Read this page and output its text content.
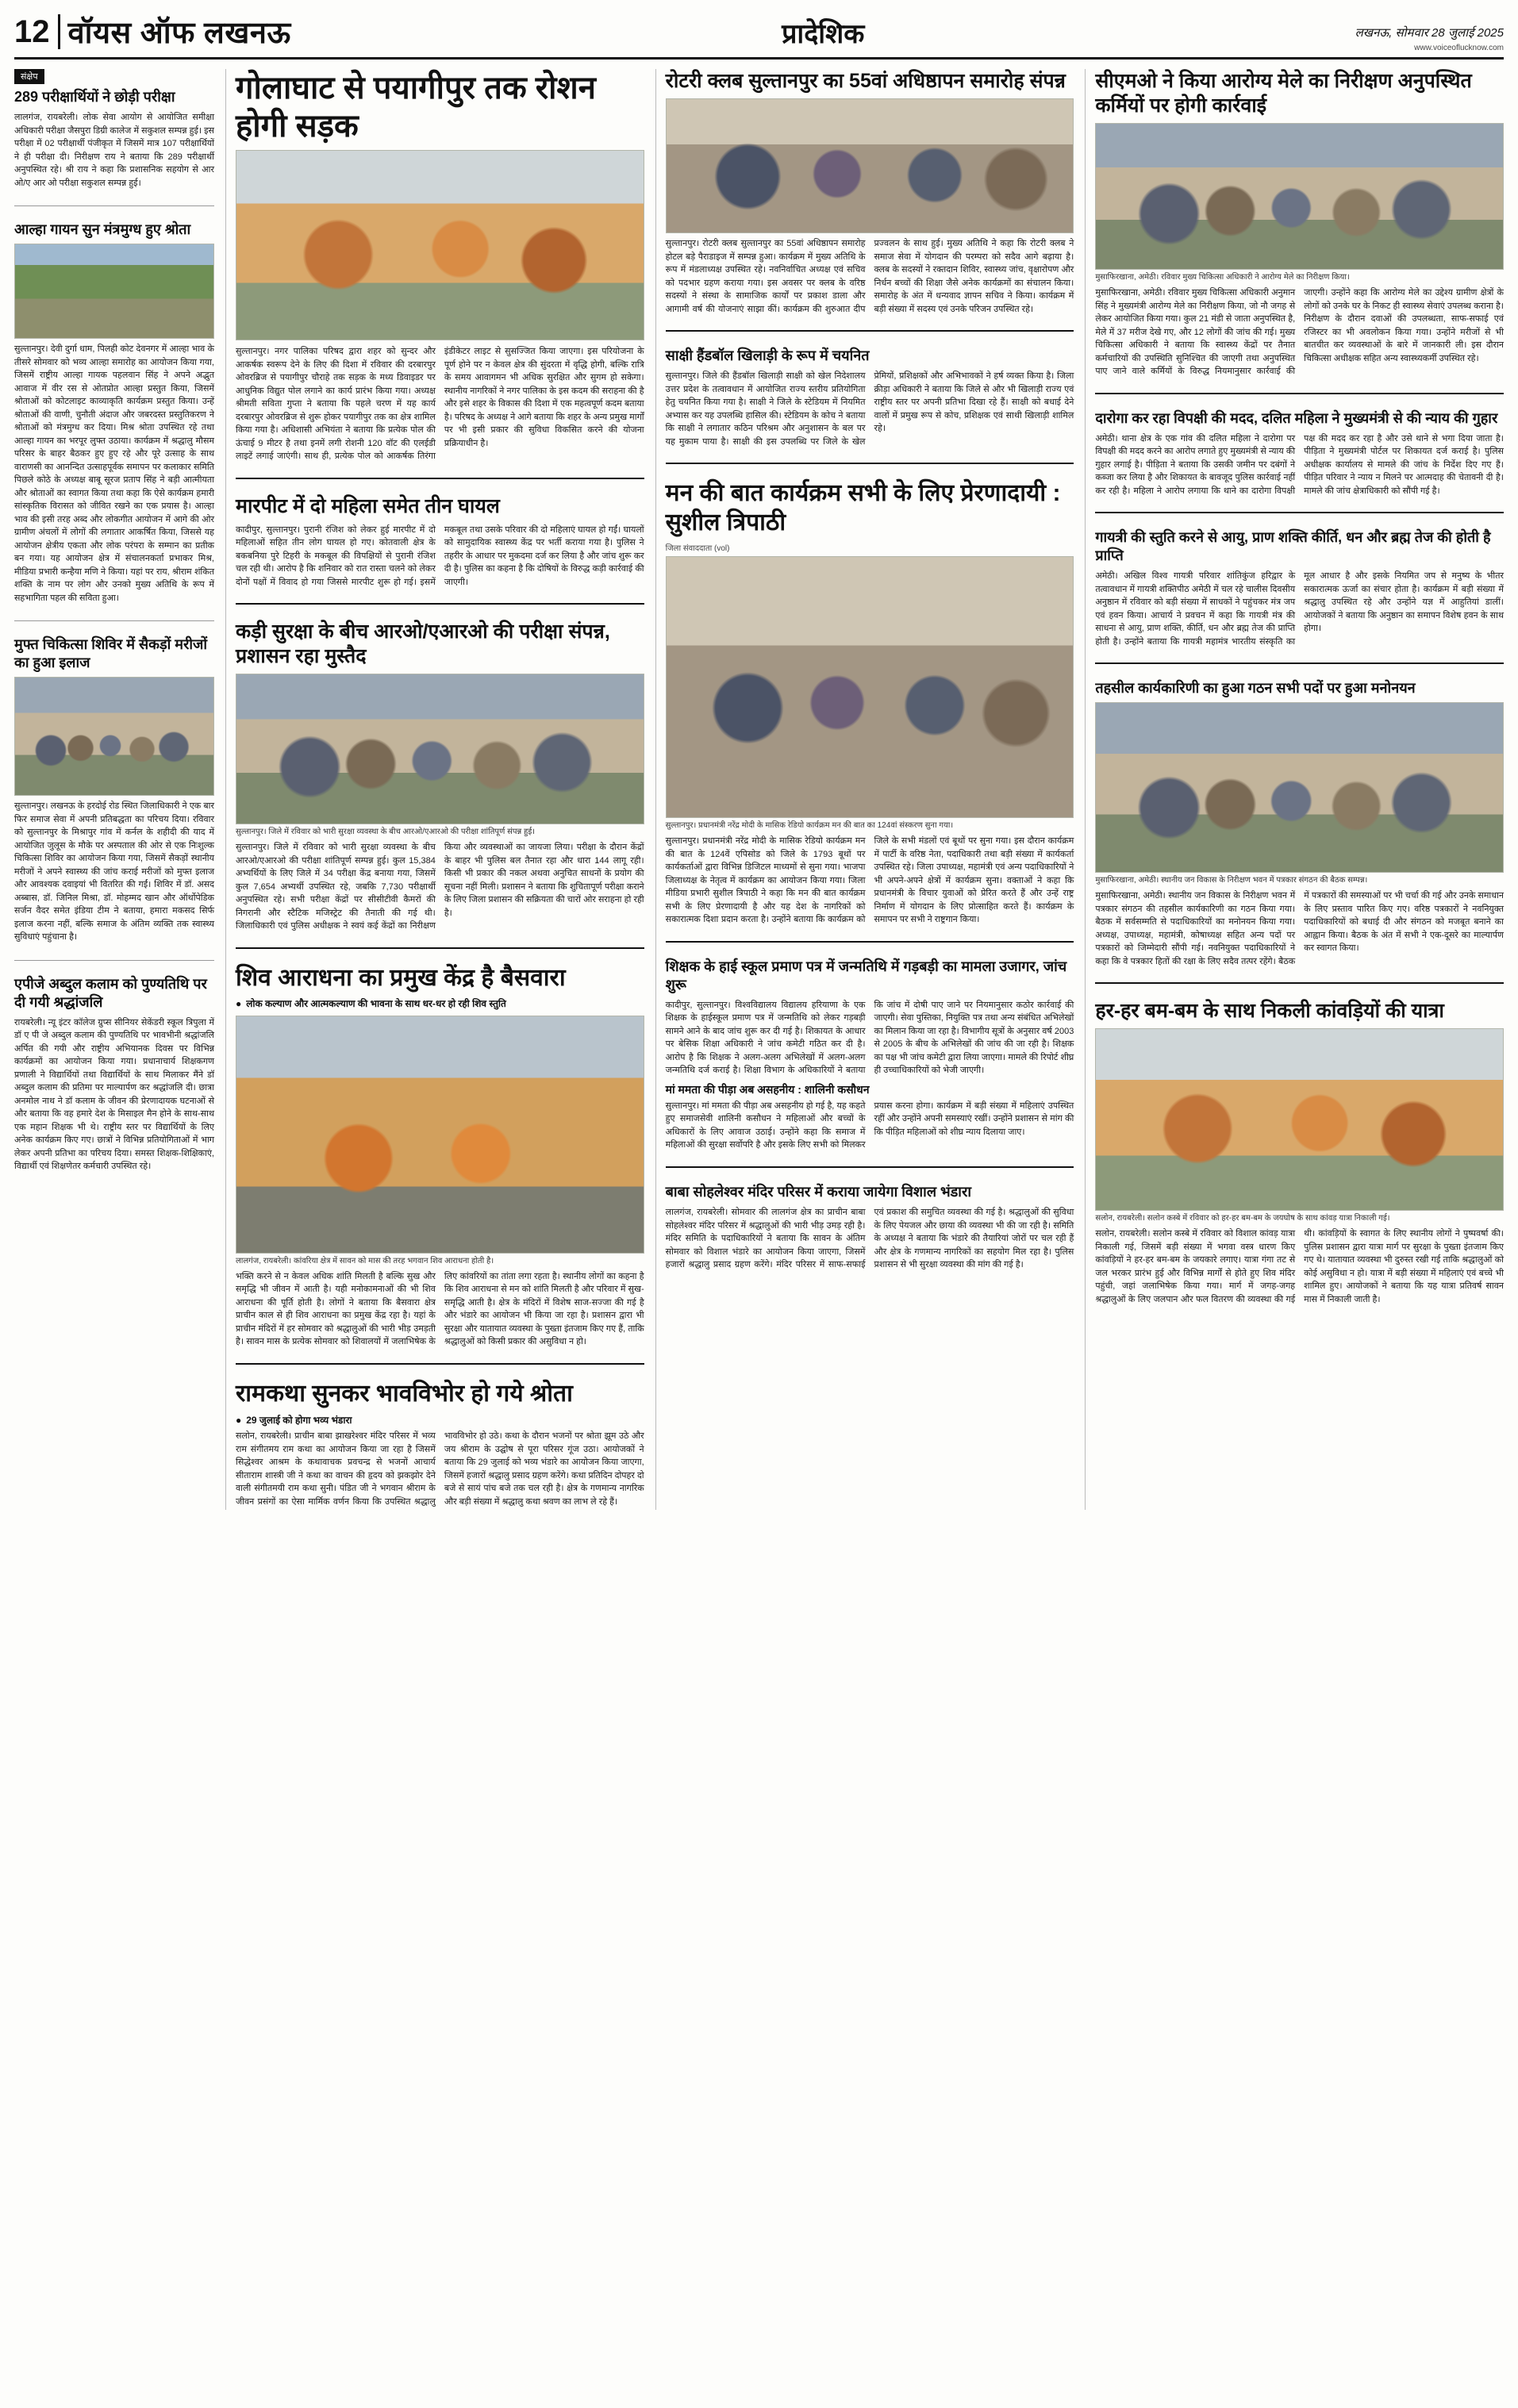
12 वॉयस ऑफ लखनऊ	प्रादेशिक	लखनऊ, सोमवार 28 जुलाई 2025
www.voiceoflucknow.com
संक्षेप
289 परीक्षार्थियों ने छोड़ी परीक्षा
लालगंज, रायबरेली। लोक सेवा आयोग से आयोजित समीक्षा अधिकारी परीक्षा जैसपुरा डिग्री कालेज में सकुशल सम्पन्न हुई। इस परीक्षा में 02 परीक्षार्थी पंजीकृत में जिसमें मात्र 107 परीक्षार्थियों ने ही परीक्षा दी। निरीक्षण राय ने बताया कि 289 परीक्षार्थी अनुपस्थित रहे। श्री राय ने कहा कि प्रशासनिक सहयोग से आर ओ/ए आर ओ परीक्षा सकुशल सम्पन्न हुई।
आल्हा गायन सुन मंत्रमुग्ध हुए श्रोता
सुल्तानपुर। देवी दुर्गा धाम, पिलही कोट देवनगर में आल्हा भाव के तीसरे सोमवार को भव्य आल्हा समारोह का आयोजन किया गया, जिसमें राष्ट्रीय आल्हा गायक पहलवान सिंह ने अपने अद्भुत आवाज में वीर रस से ओतप्रोत आल्हा प्रस्तुत किया, जिसमें श्रोताओं को कोटलाइट काव्याकृति कार्यक्रम प्रस्तुत किया। उन्हें श्रोताओं की वाणी, चुनौती अंदाज और जबरदस्त प्रस्तुतिकरण ने श्रोताओं को मंत्रमुग्ध कर दिया। मिश्र श्रोता उपस्थित रहे तथा आल्हा गायन का भरपूर लुफ्त उठाया। कार्यक्रम में श्रद्धालु मौसम परिसर के बाहर बैठकर हुए हुए रहे और पूरे उत्साह के साथ वाराणसी का आनन्दित उत्साहपूर्वक समापन पर कलाकार समिति पिछले कोठे के अध्यक्ष बाबू सूरज प्रताप सिंह ने बड़ी आत्मीयता और श्रोताओं का स्वागत किया तथा कहा कि ऐसे कार्यक्रम हमारी सांस्कृतिक विरासत को जीवित रखने का एक प्रयास है। आल्हा भाव की इसी तरह अब्द और लोकगीत आयोजन में आगे की ओर ग्रामीण अंचलों में लोगों की लगातार आकर्षित किया, जिससे यह आयोजन क्षेत्रीय एकता और लोक परंपरा के सम्मान का प्रतीक बन गया। यह आयोजन क्षेत्र में संचालनकर्ता प्रभाकर मिश्र, मीडिया प्रभारी कन्हैया मणि ने किया। यहां पर राय, श्रीराम शंकित शक्ति के नाम पर लोग और उनको मुख्य अतिथि के रूप में सहभागिता पहल की सविता हुआ।
मुफ्त चिकित्सा शिविर में सैकड़ों मरीजों का हुआ इलाज
सुल्तानपुर। लखनऊ के हरदोई रोड स्थित जिलाधिकारी ने एक बार फिर समाज सेवा में अपनी प्रतिबद्धता का परिचय दिया। रविवार को सुल्तानपुर के मिश्रापुर गांव में कर्नल के शहीदी की याद में आयोजित जुलूस के मौके पर अस्पताल की ओर से एक निःशुल्क चिकित्सा शिविर का आयोजन किया गया, जिसमें सैकड़ों स्थानीय मरीजों ने अपने स्वास्थ्य की जांच कराई मरीजों को मुफ्त इलाज और आवश्यक दवाइयां भी वितरित की गईं। शिविर में डॉ. असद अब्बास, डॉ. जिनिल मिश्रा, डॉ. मोहम्मद खान और ऑर्थोपेडिक सर्जन वैदर समेत इंडिया टीम ने बताया, हमारा मकसद सिर्फ इलाज करना नहीं, बल्कि समाज के अंतिम व्यक्ति तक स्वास्थ्य सुविधाएं पहुंचाना है।
एपीजे अब्दुल कलाम को पुण्यतिथि पर दी गयी श्रद्धांजलि
रायबरेली। न्यू इंटर कॉलेज ग्रुप्स सीनियर सेकेंडरी स्कूल त्रिपुला में डॉ ए पी जे अब्दुल कलाम की पुण्यतिथि पर भावभीनी श्रद्धांजलि अर्पित की गयी और राष्ट्रीय अभियानक दिवस पर विभिन्न कार्यक्रमों का आयोजन किया गया। प्रधानाचार्य शिक्षकगण प्रणाली ने विद्यार्थियों तथा विद्यार्थियों के साथ मिलाकर मैंने डॉ अब्दुल कलाम की प्रतिमा पर माल्यार्पण कर श्रद्धांजलि दी। छात्रा अनमोल नाथ ने डॉ कलाम के जीवन की प्रेरणादायक घटनाओं से और बताया कि वह हमारे देश के मिसाइल मैन होने के साथ-साथ एक महान शिक्षक भी थे। राष्ट्रीय स्तर पर विद्यार्थियों के लिए अनेक कार्यक्रम किए गए। छात्रों ने विभिन्न प्रतियोगिताओं में भाग लेकर अपनी प्रतिभा का परिचय दिया। समस्त शिक्षक-शिक्षिकाएं, विद्यार्थी एवं शिक्षणेतर कर्मचारी उपस्थित रहे।
गोलाघाट से पयागीपुर तक रोशन होगी सड़क
सुल्तानपुर। नगर पालिका परिषद द्वारा शहर को सुन्दर और आकर्षक स्वरूप देने के लिए की दिशा में रविवार की दरबारपुर ओवरब्रिज से पयागीपुर चौराहे तक सड़क के मध्य डिवाइडर पर आधुनिक विद्युत पोल लगाने का कार्य प्रारंभ किया गया। अध्यक्ष श्रीमती सविता गुप्ता ने बताया कि पहले चरण में यह कार्य दरबारपुर ओवरब्रिज से शुरू होकर पयागीपुर तक का क्षेत्र शामिल किया गया है। अधिशासी अभियंता ने बताया कि प्रत्येक पोल की ऊंचाई 9 मीटर है तथा इनमें लगी रोशनी 120 वॉट की एलईडी लाइटें लगाई जाएंगी। साथ ही, प्रत्येक पोल को आकर्षक तिरंगा इंडीकेटर लाइट से सुसज्जित किया जाएगा। इस परियोजना के पूर्ण होने पर न केवल क्षेत्र की सुंदरता में वृद्धि होगी, बल्कि रात्रि के समय आवागमन भी अधिक सुरक्षित और सुगम हो सकेगा। स्थानीय नागरिकों ने नगर पालिका के इस कदम की सराहना की है और इसे शहर के विकास की दिशा में एक महत्वपूर्ण कदम बताया है। परिषद के अध्यक्ष ने आगे बताया कि शहर के अन्य प्रमुख मार्गों पर भी इसी प्रकार की सुविधा विकसित करने की योजना प्रक्रियाधीन है।
मारपीट में दो महिला समेत तीन घायल
कादीपुर, सुल्तानपुर। पुरानी रंजिश को लेकर हुई मारपीट में दो महिलाओं सहित तीन लोग घायल हो गए। कोतवाली क्षेत्र के बकबनिया पुरे टिहरी के मकबूल की विपक्षियों से पुरानी रंजिश चल रही थी। आरोप है कि शनिवार को रात रास्ता चलने को लेकर दोनों पक्षों में विवाद हो गया जिससे मारपीट शुरू हो गई। इसमें मकबूल तथा उसके परिवार की दो महिलाएं घायल हो गईं। घायलों को सामुदायिक स्वास्थ्य केंद्र पर भर्ती कराया गया है। पुलिस ने तहरीर के आधार पर मुकदमा दर्ज कर लिया है और जांच शुरू कर दी है। पुलिस का कहना है कि दोषियों के विरुद्ध कड़ी कार्रवाई की जाएगी।
कड़ी सुरक्षा के बीच आरओ/एआरओ की परीक्षा संपन्न, प्रशासन रहा मुस्तैद
सुल्तानपुर। जिले में रविवार को भारी सुरक्षा व्यवस्था के बीच आरओ/एआरओ की परीक्षा शांतिपूर्ण संपन्न हुई।
सुल्तानपुर। जिले में रविवार को भारी सुरक्षा व्यवस्था के बीच आरओ/एआरओ की परीक्षा शांतिपूर्ण सम्पन्न हुई। कुल 15,384 अभ्यर्थियों के लिए जिले में 34 परीक्षा केंद्र बनाया गया, जिसमें कुल 7,654 अभ्यर्थी उपस्थित रहे, जबकि 7,730 परीक्षार्थी अनुपस्थित रहे। सभी परीक्षा केंद्रों पर सीसीटीवी कैमरों की निगरानी और स्टैटिक मजिस्ट्रेट की तैनाती की गई थी। जिलाधिकारी एवं पुलिस अधीक्षक ने स्वयं कई केंद्रों का निरीक्षण किया और व्यवस्थाओं का जायजा लिया। परीक्षा के दौरान केंद्रों के बाहर भी पुलिस बल तैनात रहा और धारा 144 लागू रही। किसी भी प्रकार की नकल अथवा अनुचित साधनों के प्रयोग की सूचना नहीं मिली। प्रशासन ने बताया कि शुचितापूर्ण परीक्षा कराने के लिए जिला प्रशासन की सक्रियता की चारों ओर सराहना हो रही है।
शिव आराधना का प्रमुख केंद्र है बैसवारा
● लोक कल्याण और आत्मकल्याण की भावना के साथ धर-धर हो रही शिव स्तुति
लालगंज, रायबरेली। कांवरिया क्षेत्र में सावन को मास की तरह भगवान शिव आराधना होती है।
भक्ति करने से न केवल अधिक शांति मिलती है बल्कि सुख और समृद्धि भी जीवन में आती है। यही मनोकामनाओं की भी शिव आराधना की पूर्ति होती है। लोगों ने बताया कि बैसवारा क्षेत्र प्राचीन काल से ही शिव आराधना का प्रमुख केंद्र रहा है। यहां के प्राचीन मंदिरों में हर सोमवार को श्रद्धालुओं की भारी भीड़ उमड़ती है। सावन मास के प्रत्येक सोमवार को शिवालयों में जलाभिषेक के लिए कांवरियों का तांता लगा रहता है। स्थानीय लोगों का कहना है कि शिव आराधना से मन को शांति मिलती है और परिवार में सुख-समृद्धि आती है। क्षेत्र के मंदिरों में विशेष साज-सज्जा की गई है और भंडारे का आयोजन भी किया जा रहा है। प्रशासन द्वारा भी सुरक्षा और यातायात व्यवस्था के पुख्ता इंतजाम किए गए हैं, ताकि श्रद्धालुओं को किसी प्रकार की असुविधा न हो।
रामकथा सुनकर भावविभोर हो गये श्रोता
● 29 जुलाई को होगा भव्य भंडारा
सलोन, रायबरेली। प्राचीन बाबा झाखरेश्वर मंदिर परिसर में भव्य राम संगीतमय राम कथा का आयोजन किया जा रहा है जिसमें सिद्धेश्वर आश्रम के कथावाचक प्रवचन्द्र से भजनों आचार्य सीताराम शास्त्री जी ने कथा का वाचन की हृदय को झकझोर देने वाली संगीतमयी राम कथा सुनी। पंडित जी ने भगवान श्रीराम के जीवन प्रसंगों का ऐसा मार्मिक वर्णन किया कि उपस्थित श्रद्धालु भावविभोर हो उठे। कथा के दौरान भजनों पर श्रोता झूम उठे और जय श्रीराम के उद्घोष से पूरा परिसर गूंज उठा। आयोजकों ने बताया कि 29 जुलाई को भव्य भंडारे का आयोजन किया जाएगा, जिसमें हजारों श्रद्धालु प्रसाद ग्रहण करेंगे। कथा प्रतिदिन दोपहर दो बजे से सायं पांच बजे तक चल रही है। क्षेत्र के गणमान्य नागरिक और बड़ी संख्या में श्रद्धालु कथा श्रवण का लाभ ले रहे हैं।
रोटरी क्लब सुल्तानपुर का 55वां अधिष्ठापन समारोह संपन्न
सुल्तानपुर। रोटरी क्लब सुल्तानपुर का 55वां अधिष्ठापन समारोह होटल बड़े पैराडाइज में सम्पन्न हुआ। कार्यक्रम में मुख्य अतिथि के रूप में मंडलाध्यक्ष उपस्थित रहे। नवनिर्वाचित अध्यक्ष एवं सचिव को पदभार ग्रहण कराया गया। इस अवसर पर क्लब के वरिष्ठ सदस्यों ने संस्था के सामाजिक कार्यों पर प्रकाश डाला और आगामी वर्ष की योजनाएं साझा कीं। कार्यक्रम की शुरुआत दीप प्रज्वलन के साथ हुई। मुख्य अतिथि ने कहा कि रोटरी क्लब ने समाज सेवा में योगदान की परम्परा को सदैव आगे बढ़ाया है। क्लब के सदस्यों ने रक्तदान शिविर, स्वास्थ्य जांच, वृक्षारोपण और निर्धन बच्चों की शिक्षा जैसे अनेक कार्यक्रमों का संचालन किया। समारोह के अंत में धन्यवाद ज्ञापन सचिव ने किया। कार्यक्रम में बड़ी संख्या में सदस्य एवं उनके परिजन उपस्थित रहे।
साक्षी हैंडबॉल खिलाड़ी के रूप में चयनित
सुल्तानपुर। जिले की हैंडबॉल खिलाड़ी साक्षी को खेल निदेशालय उत्तर प्रदेश के तत्वावधान में आयोजित राज्य स्तरीय प्रतियोगिता हेतु चयनित किया गया है। साक्षी ने जिले के स्टेडियम में नियमित अभ्यास कर यह उपलब्धि हासिल की। स्टेडियम के कोच ने बताया कि साक्षी ने लगातार कठिन परिश्रम और अनुशासन के बल पर यह मुकाम पाया है। साक्षी की इस उपलब्धि पर जिले के खेल प्रेमियों, प्रशिक्षकों और अभिभावकों ने हर्ष व्यक्त किया है। जिला क्रीड़ा अधिकारी ने बताया कि जिले से और भी खिलाड़ी राज्य एवं राष्ट्रीय स्तर पर अपनी प्रतिभा दिखा रहे हैं। साक्षी को बधाई देने वालों में प्रमुख रूप से कोच, प्रशिक्षक एवं साथी खिलाड़ी शामिल रहे।
मन की बात कार्यक्रम सभी के लिए प्रेरणादायी : सुशील त्रिपाठी
जिला संवाददाता (vol)
सुल्तानपुर। प्रधानमंत्री नरेंद्र मोदी के मासिक रेडियो कार्यक्रम मन की बात का 124वां संस्करण सुना गया।
सुल्तानपुर। प्रधानमंत्री नरेंद्र मोदी के मासिक रेडियो कार्यक्रम मन की बात के 124वें एपिसोड को जिले के 1793 बूथों पर कार्यकर्ताओं द्वारा विभिन्न डिजिटल माध्यमों से सुना गया। भाजपा जिलाध्यक्ष के नेतृत्व में कार्यक्रम का आयोजन किया गया। जिला मीडिया प्रभारी सुशील त्रिपाठी ने कहा कि मन की बात कार्यक्रम सभी के लिए प्रेरणादायी है और यह देश के नागरिकों को सकारात्मक दिशा प्रदान करता है। उन्होंने बताया कि कार्यक्रम को जिले के सभी मंडलों एवं बूथों पर सुना गया। इस दौरान कार्यक्रम में पार्टी के वरिष्ठ नेता, पदाधिकारी तथा बड़ी संख्या में कार्यकर्ता उपस्थित रहे। जिला उपाध्यक्ष, महामंत्री एवं अन्य पदाधिकारियों ने भी अपने-अपने क्षेत्रों में कार्यक्रम सुना। वक्ताओं ने कहा कि प्रधानमंत्री के विचार युवाओं को प्रेरित करते हैं और उन्हें राष्ट्र निर्माण में योगदान के लिए प्रोत्साहित करते हैं। कार्यक्रम के समापन पर सभी ने राष्ट्रगान किया।
शिक्षक के हाई स्कूल प्रमाण पत्र में जन्मतिथि में गड़बड़ी का मामला उजागर, जांच शुरू
कादीपुर, सुल्तानपुर। विश्वविद्यालय विद्यालय हरियाणा के एक शिक्षक के हाईस्कूल प्रमाण पत्र में जन्मतिथि को लेकर गड़बड़ी सामने आने के बाद जांच शुरू कर दी गई है। शिकायत के आधार पर बेसिक शिक्षा अधिकारी ने जांच कमेटी गठित कर दी है। आरोप है कि शिक्षक ने अलग-अलग अभिलेखों में अलग-अलग जन्मतिथि दर्ज कराई है। शिक्षा विभाग के अधिकारियों ने बताया कि जांच में दोषी पाए जाने पर नियमानुसार कठोर कार्रवाई की जाएगी। सेवा पुस्तिका, नियुक्ति पत्र तथा अन्य संबंधित अभिलेखों का मिलान किया जा रहा है। विभागीय सूत्रों के अनुसार वर्ष 2003 से 2005 के बीच के अभिलेखों की जांच की जा रही है। शिक्षक का पक्ष भी जांच कमेटी द्वारा लिया जाएगा। मामले की रिपोर्ट शीघ्र ही उच्चाधिकारियों को भेजी जाएगी।
मां ममता की पीड़ा अब असहनीय : शालिनी कसौधन
सुल्तानपुर। मां ममता की पीड़ा अब असहनीय हो गई है, यह कहते हुए समाजसेवी शालिनी कसौधन ने महिलाओं और बच्चों के अधिकारों के लिए आवाज उठाई। उन्होंने कहा कि समाज में महिलाओं की सुरक्षा सर्वोपरि है और इसके लिए सभी को मिलकर प्रयास करना होगा। कार्यक्रम में बड़ी संख्या में महिलाएं उपस्थित रहीं और उन्होंने अपनी समस्याएं रखीं। उन्होंने प्रशासन से मांग की कि पीड़ित महिलाओं को शीघ्र न्याय दिलाया जाए।
बाबा सोहलेश्वर मंदिर परिसर में कराया जायेगा विशाल भंडारा
लालगंज, रायबरेली। सोमवार की लालगंज क्षेत्र का प्राचीन बाबा सोहलेश्वर मंदिर परिसर में श्रद्धालुओं की भारी भीड़ उमड़ रही है। मंदिर समिति के पदाधिकारियों ने बताया कि सावन के अंतिम सोमवार को विशाल भंडारे का आयोजन किया जाएगा, जिसमें हजारों श्रद्धालु प्रसाद ग्रहण करेंगे। मंदिर परिसर में साफ-सफाई एवं प्रकाश की समुचित व्यवस्था की गई है। श्रद्धालुओं की सुविधा के लिए पेयजल और छाया की व्यवस्था भी की जा रही है। समिति के अध्यक्ष ने बताया कि भंडारे की तैयारियां जोरों पर चल रही हैं और क्षेत्र के गणमान्य नागरिकों का सहयोग मिल रहा है। पुलिस प्रशासन से भी सुरक्षा व्यवस्था की मांग की गई है।
सीएमओ ने किया आरोग्य मेले का निरीक्षण अनुपस्थित कर्मियों पर होगी कार्रवाई
मुसाफिरखाना, अमेठी। रविवार मुख्य चिकित्सा अधिकारी ने आरोग्य मेले का निरीक्षण किया।
मुसाफिरखाना, अमेठी। रविवार मुख्य चिकित्सा अधिकारी अनुमान सिंह ने मुख्यमंत्री आरोग्य मेले का निरीक्षण किया, जो नौ जगह से लेकर आयोजित किया गया। कुल 21 मंडी से जाता अनुपस्थित है, मेले में 37 मरीज देखे गए, और 12 लोगों की जांच की गई। मुख्य चिकित्सा अधिकारी ने बताया कि स्वास्थ्य केंद्रों पर तैनात कर्मचारियों की उपस्थिति सुनिश्चित की जाएगी तथा अनुपस्थित पाए जाने वाले कर्मियों के विरुद्ध नियमानुसार कार्रवाई की जाएगी। उन्होंने कहा कि आरोग्य मेले का उद्देश्य ग्रामीण क्षेत्रों के लोगों को उनके घर के निकट ही स्वास्थ्य सेवाएं उपलब्ध कराना है। निरीक्षण के दौरान दवाओं की उपलब्धता, साफ-सफाई एवं रजिस्टर का भी अवलोकन किया गया। उन्होंने मरीजों से भी बातचीत कर व्यवस्थाओं के बारे में जानकारी ली। इस दौरान चिकित्सा अधीक्षक सहित अन्य स्वास्थ्यकर्मी उपस्थित रहे।
दारोगा कर रहा विपक्षी की मदद, दलित महिला ने मुख्यमंत्री से की न्याय की गुहार
अमेठी। थाना क्षेत्र के एक गांव की दलित महिला ने दारोगा पर विपक्षी की मदद करने का आरोप लगाते हुए मुख्यमंत्री से न्याय की गुहार लगाई है। पीड़िता ने बताया कि उसकी जमीन पर दबंगों ने कब्जा कर लिया है और शिकायत के बावजूद पुलिस कार्रवाई नहीं कर रही है। महिला ने आरोप लगाया कि थाने का दारोगा विपक्षी पक्ष की मदद कर रहा है और उसे थाने से भगा दिया जाता है। पीड़िता ने मुख्यमंत्री पोर्टल पर शिकायत दर्ज कराई है। पुलिस अधीक्षक कार्यालय से मामले की जांच के निर्देश दिए गए हैं। पीड़ित परिवार ने न्याय न मिलने पर आत्मदाह की चेतावनी दी है। मामले की जांच क्षेत्राधिकारी को सौंपी गई है।
गायत्री की स्तुति करने से आयु, प्राण शक्ति कीर्ति, धन और ब्रह्म तेज की होती है प्राप्ति
अमेठी। अखिल विश्व गायत्री परिवार शांतिकुंज हरिद्वार के तत्वावधान में गायत्री शक्तिपीठ अमेठी में चल रहे चालीस दिवसीय अनुष्ठान में रविवार को बड़ी संख्या में साधकों ने पहुंचकर मंत्र जप एवं हवन किया। आचार्य ने प्रवचन में कहा कि गायत्री मंत्र की साधना से आयु, प्राण शक्ति, कीर्ति, धन और ब्रह्म तेज की प्राप्ति होती है। उन्होंने बताया कि गायत्री महामंत्र भारतीय संस्कृति का मूल आधार है और इसके नियमित जप से मनुष्य के भीतर सकारात्मक ऊर्जा का संचार होता है। कार्यक्रम में बड़ी संख्या में श्रद्धालु उपस्थित रहे और उन्होंने यज्ञ में आहुतियां डालीं। आयोजकों ने बताया कि अनुष्ठान का समापन विशेष हवन के साथ होगा।
तहसील कार्यकारिणी का हुआ गठन सभी पदों पर हुआ मनोनयन
मुसाफिरखाना, अमेठी। स्थानीय जन विकास के निरीक्षण भवन में पत्रकार संगठन की बैठक सम्पन्न।
मुसाफिरखाना, अमेठी। स्थानीय जन विकास के निरीक्षण भवन में पत्रकार संगठन की तहसील कार्यकारिणी का गठन किया गया। बैठक में सर्वसम्मति से पदाधिकारियों का मनोनयन किया गया। अध्यक्ष, उपाध्यक्ष, महामंत्री, कोषाध्यक्ष सहित अन्य पदों पर पत्रकारों को जिम्मेदारी सौंपी गई। नवनियुक्त पदाधिकारियों ने कहा कि वे पत्रकार हितों की रक्षा के लिए सदैव तत्पर रहेंगे। बैठक में पत्रकारों की समस्याओं पर भी चर्चा की गई और उनके समाधान के लिए प्रस्ताव पारित किए गए। वरिष्ठ पत्रकारों ने नवनियुक्त पदाधिकारियों को बधाई दी और संगठन को मजबूत बनाने का आह्वान किया। बैठक के अंत में सभी ने एक-दूसरे का माल्यार्पण कर स्वागत किया।
हर-हर बम-बम के साथ निकली कांवड़ियों की यात्रा
सलोन, रायबरेली। सलोन कस्बे में रविवार को हर-हर बम-बम के जयघोष के साथ कांवड़ यात्रा निकाली गई।
सलोन, रायबरेली। सलोन कस्बे में रविवार को विशाल कांवड़ यात्रा निकाली गई, जिसमें बड़ी संख्या में भगवा वस्त्र धारण किए कांवड़ियों ने हर-हर बम-बम के जयकारे लगाए। यात्रा गंगा तट से जल भरकर प्रारंभ हुई और विभिन्न मार्गों से होते हुए शिव मंदिर पहुंची, जहां जलाभिषेक किया गया। मार्ग में जगह-जगह श्रद्धालुओं के लिए जलपान और फल वितरण की व्यवस्था की गई थी। कांवड़ियों के स्वागत के लिए स्थानीय लोगों ने पुष्पवर्षा की। पुलिस प्रशासन द्वारा यात्रा मार्ग पर सुरक्षा के पुख्ता इंतजाम किए गए थे। यातायात व्यवस्था भी दुरुस्त रखी गई ताकि श्रद्धालुओं को कोई असुविधा न हो। यात्रा में बड़ी संख्या में महिलाएं एवं बच्चे भी शामिल हुए। आयोजकों ने बताया कि यह यात्रा प्रतिवर्ष सावन मास में निकाली जाती है।
